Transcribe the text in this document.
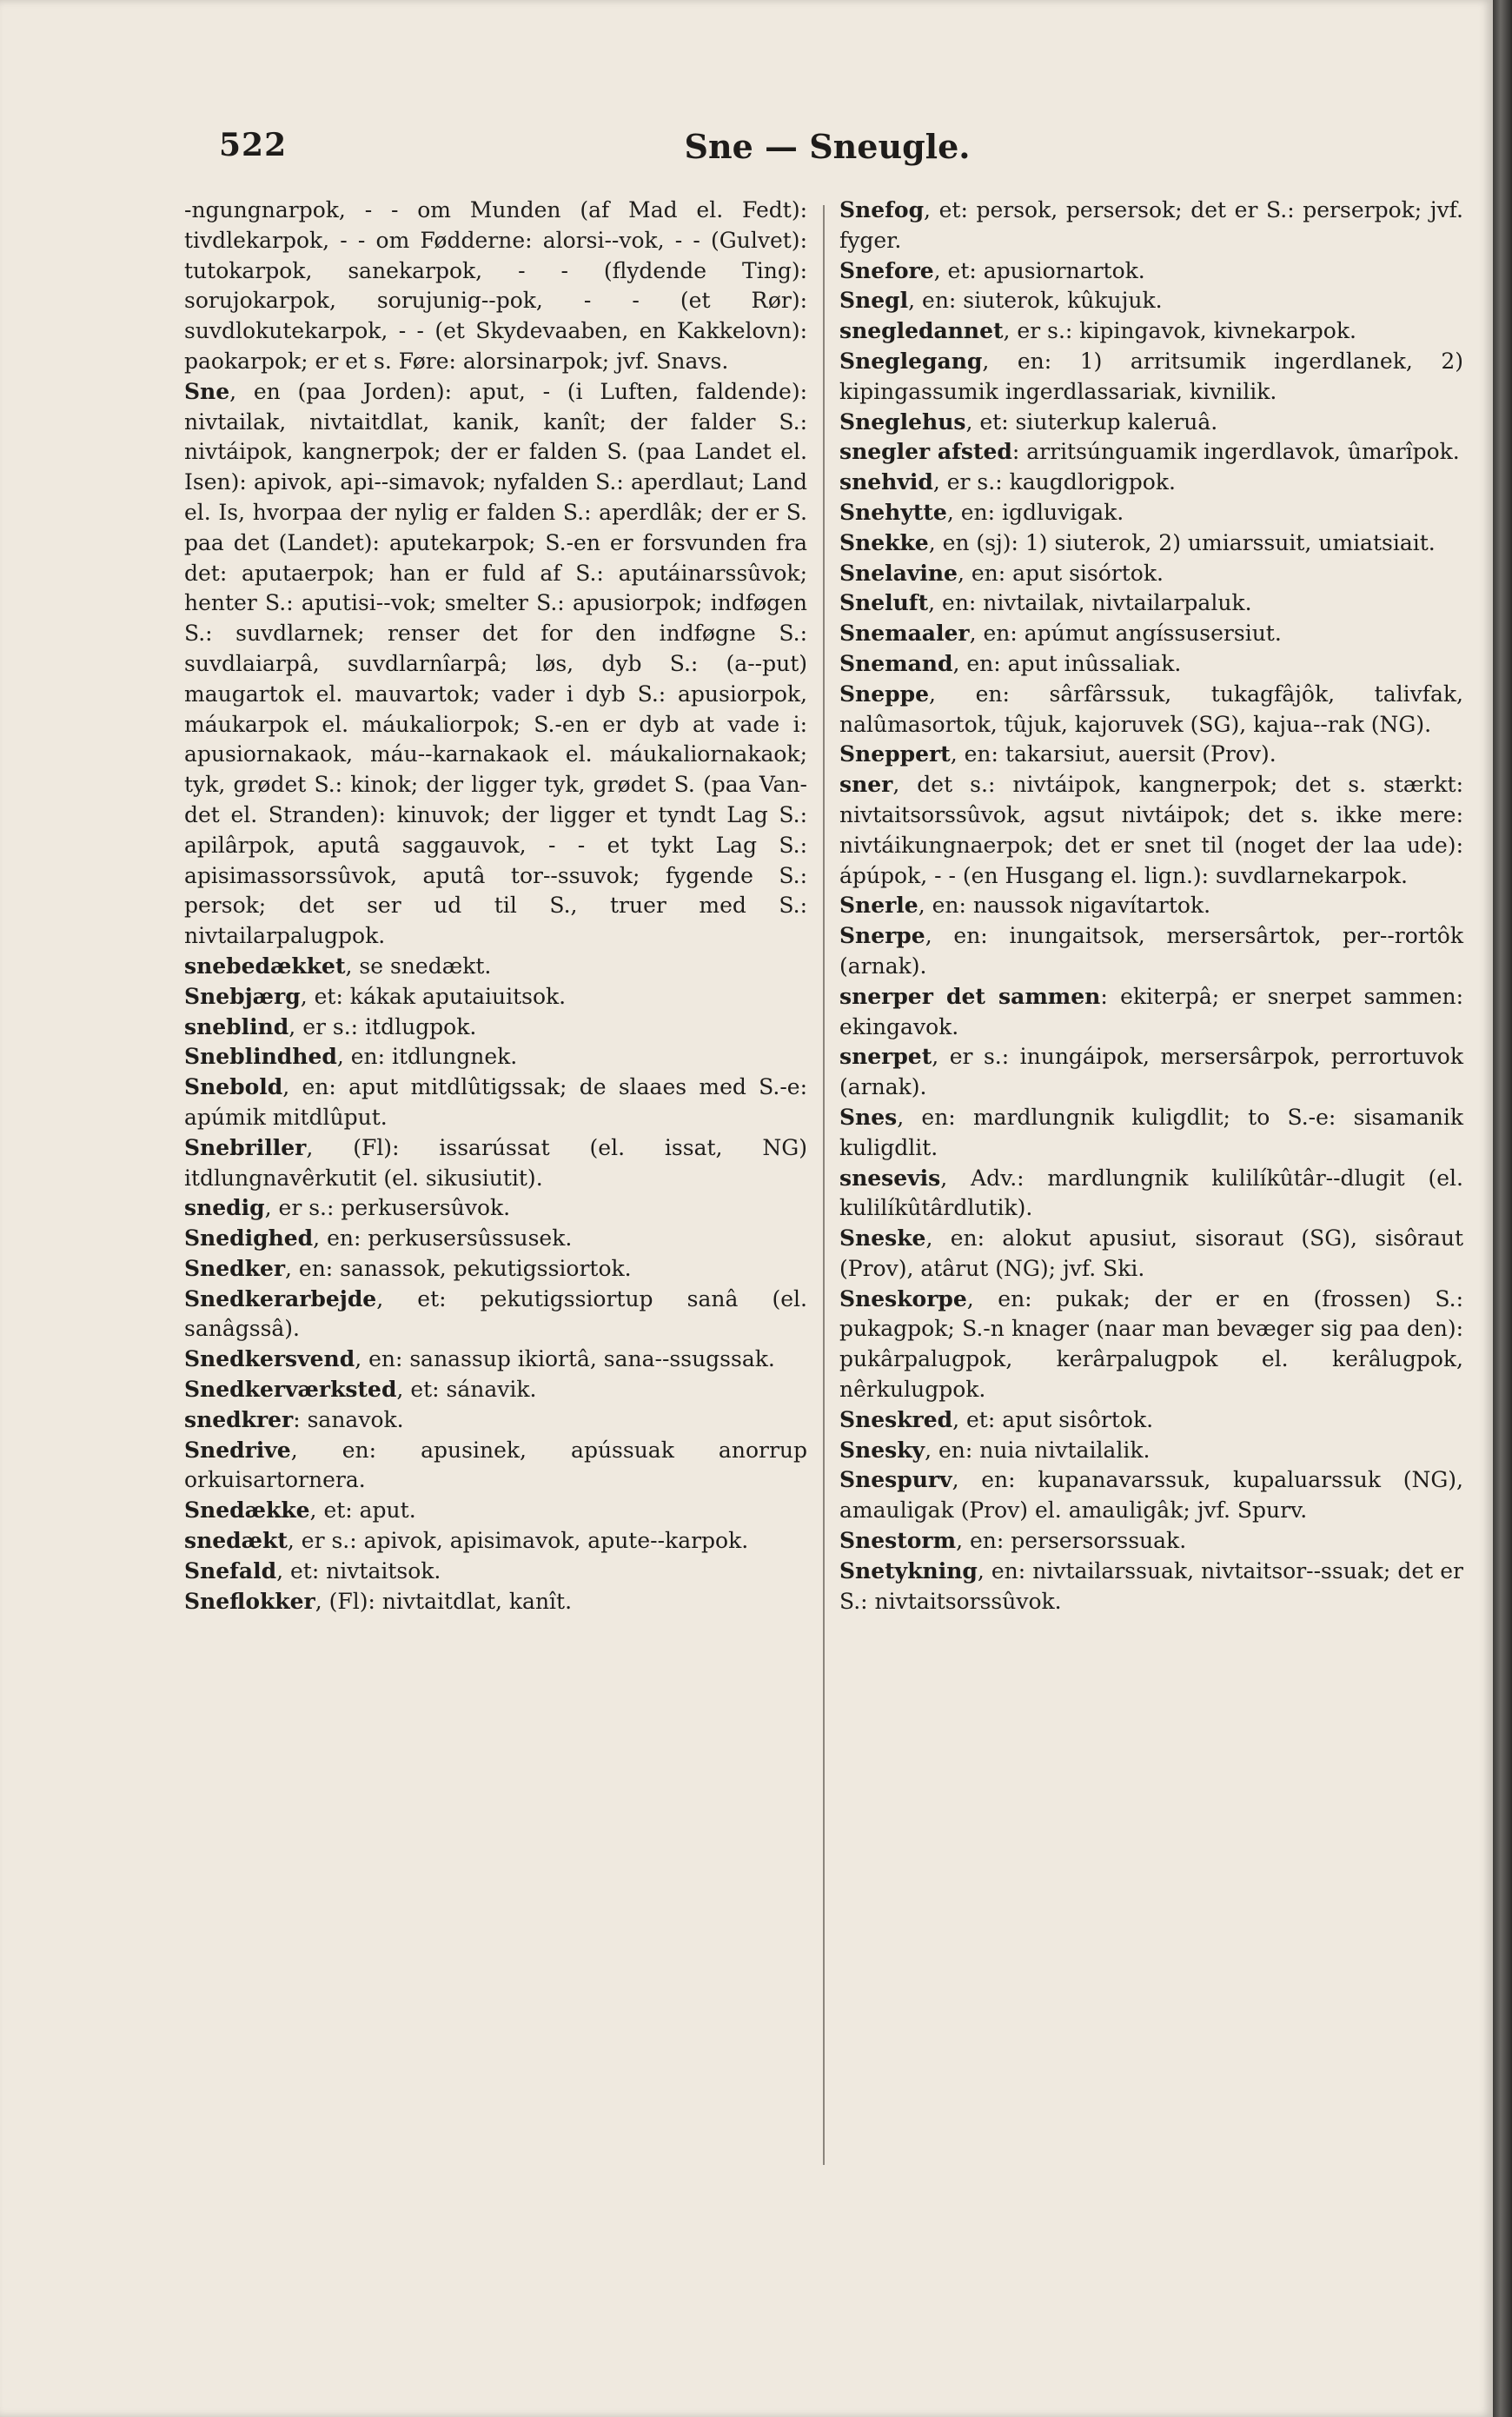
522	Sne — Sneugle.

-ngungnarpok, - - om Munden (af Mad el. Fedt): tivdlekarpok, - - om Fødderne: alorsi--vok, - - (Gulvet): tutokarpok, sanekarpok, - - (flydende Ting): sorujokarpok, sorujunig--pok, - - (et Rør): suvdlokutekarpok, - - (et Skydevaaben, en Kakkelovn): paokarpok; er et s. Føre: alorsinarpok; jvf. Snavs.

Sne, en (paa Jorden): aput, - (i Luften, faldende): nivtailak, nivtaitdlat, kanik, kanît; der falder S.: nivtáipok, kangnerpok; der er falden S. (paa Landet el. Isen): apivok, api--simavok; nyfalden S.: aperdlaut; Land el. Is, hvorpaa der nylig er falden S.: aperdlâk; der er S. paa det (Landet): aputekarpok; S.-en er forsvunden fra det: aputaerpok; han er fuld af S.: aputáinarssûvok; henter S.: aputisi--vok; smelter S.: apusiorpok; indføgen S.: suvdlarnek; renser det for den indføgne S.: suvdlaiarpâ, suvdlarnîarpâ; løs, dyb S.: (a--put) maugartok el. mauvartok; vader i dyb S.: apusiorpok, máukarpok el. máukaliorpok; S.-en er dyb at vade i: apusiornakaok, máu--karnakaok el. máukaliornakaok; tyk, grødet S.: kinok; der ligger tyk, grødet S. (paa Van-det el. Stranden): kinuvok; der ligger et tyndt Lag S.: apilârpok, aputâ saggauvok, - - et tykt Lag S.: apisimassorssûvok, aputâ tor--ssuvok; fygende S.: persok; det ser ud til S., truer med S.: nivtailarpalugpok.

snebedækket, se snedækt.

Snebjærg, et: kákak aputaiuitsok.

sneblind, er s.: itdlugpok.

Sneblindhed, en: itdlungnek.

Snebold, en: aput mitdlûtigssak; de slaaes med S.-e: apúmik mitdlûput.

Snebriller, (Fl): issarússat (el. issat, NG) itdlungnavêrkutit (el. sikusiutit).

snedig, er s.: perkusersûvok.

Snedighed, en: perkusersûssusek.

Snedker, en: sanassok, pekutigssiortok.

Snedkerarbejde, et: pekutigssiortup sanâ (el. sanâgssâ).

Snedkersvend, en: sanassup ikiortâ, sana--ssugssak.

Snedkerværksted, et: sánavik.

snedkrer: sanavok.

Snedrive, en: apusinek, apússuak anorrup orkuisartornera.

Snedække, et: aput.

snedækt, er s.: apivok, apisimavok, apute--karpok.

Snefald, et: nivtaitsok.

Sneflokker, (Fl): nivtaitdlat, kanît.

Snefog, et: persok, persersok; det er S.: perserpok; jvf. fyger.

Snefore, et: apusiornartok.

Snegl, en: siuterok, kûkujuk.

snegledannet, er s.: kipingavok, kivnekarpok.

Sneglegang, en: 1) arritsumik ingerdlanek, 2) kipingassumik ingerdlassariak, kivnilik.

Sneglehus, et: siuterkup kaleruâ.

snegler afsted: arritsúnguamik ingerdlavok, ûmarîpok.

snehvid, er s.: kaugdlorigpok.

Snehytte, en: igdluvigak.

Snekke, en (sj): 1) siuterok, 2) umiarssuit, umiatsiait.

Snelavine, en: aput sisórtok.

Sneluft, en: nivtailak, nivtailarpaluk.

Snemaaler, en: apúmut angíssusersiut.

Snemand, en: aput inûssaliak.

Sneppe, en: sârfârssuk, tukagfâjôk, talivfak, nalûmasortok, tûjuk, kajoruvek (SG), kajua--rak (NG).

Sneppert, en: takarsiut, auersit (Prov).

sner, det s.: nivtáipok, kangnerpok; det s. stærkt: nivtaitsorssûvok, agsut nivtáipok; det s. ikke mere: nivtáikungnaerpok; det er snet til (noget der laa ude): ápúpok, - - (en Husgang el. lign.): suvdlarnekarpok.

Snerle, en: naussok nigavítartok.

Snerpe, en: inungaitsok, mersersârtok, per--rortôk (arnak).

snerper det sammen: ekiterpâ; er snerpet sammen: ekingavok.

snerpet, er s.: inungáipok, mersersârpok, perrortuvok (arnak).

Snes, en: mardlungnik kuligdlit; to S.-e: sisamanik kuligdlit.

snesevis, Adv.: mardlungnik kulilíkûtâr--dlugit (el. kulilíkûtârdlutik).

Sneske, en: alokut apusiut, sisoraut (SG), sisôraut (Prov), atârut (NG); jvf. Ski.

Sneskorpe, en: pukak; der er en (frossen) S.: pukagpok; S.-n knager (naar man bevæger sig paa den): pukârpalugpok, kerârpalugpok el. kerâlugpok, nêrkulugpok.

Sneskred, et: aput sisôrtok.

Snesky, en: nuia nivtailalik.

Snespurv, en: kupanavarssuk, kupaluarssuk (NG), amauligak (Prov) el. amauligâk; jvf. Spurv.

Snestorm, en: persersorssuak.

Snetykning, en: nivtailarssuak, nivtaitsor--ssuak; det er S.: nivtaitsorssûvok.
